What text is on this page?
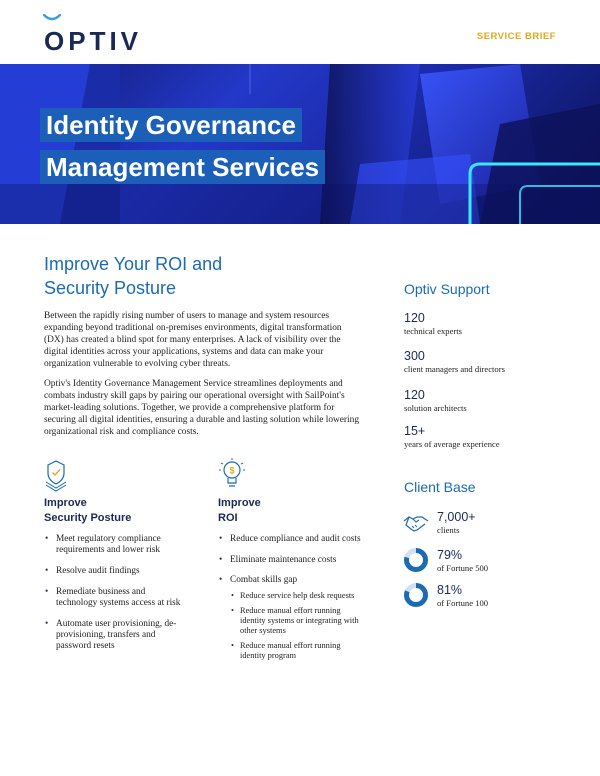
OPTIV	SERVICE BRIEF
Identity Governance
Management Services
Improve Your ROI and
Security Posture

Between the rapidly rising number of users to manage and system resources expanding beyond traditional on-premises environments, digital transformation (DX) has created a blind spot for many enterprises. A lack of visibility over the digital identities across your applications, systems and data can make your organization vulnerable to evolving cyber threats.

Optiv's Identity Governance Management Service streamlines deployments and combats industry skill gaps by pairing our operational oversight with SailPoint's market-leading solutions. Together, we provide a comprehensive platform for securing all digital identities, ensuring a durable and lasting solution while lowering organizational risk and compliance costs.

Improve
Security Posture
• Meet regulatory compliance requirements and lower risk
• Resolve audit findings
• Remediate business and technology systems access at risk
• Automate user provisioning, de-provisioning, transfers and password resets
$
Improve
ROI
• Reduce compliance and audit costs
• Eliminate maintenance costs
• Combat skills gap
• Reduce service help desk requests
• Reduce manual effort running identity systems or integrating with other systems
• Reduce manual effort running identity program
Optiv Support
120
technical experts
300
client managers and directors
120
solution architects
15+
years of average experience
Client Base
7,000+
clients
79%
of Fortune 500
81%
of Fortune 100
